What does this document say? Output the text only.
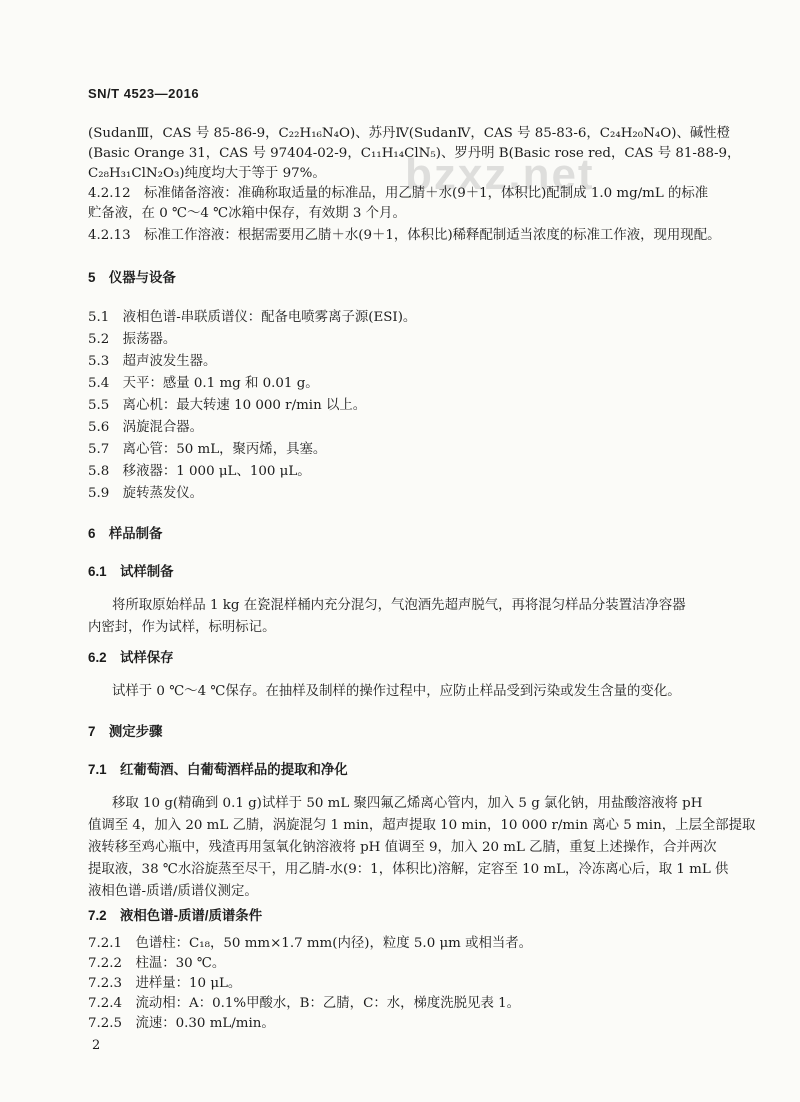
SN/T 4523—2016
bzxz.net
(SudanⅢ，CAS 号 85-86-9，C₂₂H₁₆N₄O)、苏丹Ⅳ(SudanⅣ，CAS 号 85-83-6，C₂₄H₂₀N₄O)、碱性橙
(Basic Orange 31，CAS 号 97404-02-9，C₁₁H₁₄ClN₅)、罗丹明 B(Basic rose red，CAS 号 81-88-9，
C₂₈H₃₁ClN₂O₃)纯度均大于等于 97%。
4.2.12　标准储备溶液：准确称取适量的标准品，用乙腈＋水(9＋1，体积比)配制成 1.0 mg/mL 的标准
贮备液，在 0 ℃～4 ℃冰箱中保存，有效期 3 个月。
4.2.13　标准工作溶液：根据需要用乙腈＋水(9＋1，体积比)稀释配制适当浓度的标准工作液，现用现配。
5　仪器与设备
5.1　液相色谱-串联质谱仪：配备电喷雾离子源(ESI)。
5.2　振荡器。
5.3　超声波发生器。
5.4　天平：感量 0.1 mg 和 0.01 g。
5.5　离心机：最大转速 10 000 r/min 以上。
5.6　涡旋混合器。
5.7　离心管：50 mL，聚丙烯，具塞。
5.8　移液器：1 000 μL、100 μL。
5.9　旋转蒸发仪。
6　样品制备
6.1　试样制备
将所取原始样品 1 kg 在瓷混样桶内充分混匀，气泡酒先超声脱气，再将混匀样品分装置洁净容器
内密封，作为试样，标明标记。
6.2　试样保存
试样于 0 ℃～4 ℃保存。在抽样及制样的操作过程中，应防止样品受到污染或发生含量的变化。
7　测定步骤
7.1　红葡萄酒、白葡萄酒样品的提取和净化
移取 10 g(精确到 0.1 g)试样于 50 mL 聚四氟乙烯离心管内，加入 5 g 氯化钠，用盐酸溶液将 pH
值调至 4，加入 20 mL 乙腈，涡旋混匀 1 min，超声提取 10 min，10 000 r/min 离心 5 min，上层全部提取
液转移至鸡心瓶中，残渣再用氢氧化钠溶液将 pH 值调至 9，加入 20 mL 乙腈，重复上述操作，合并两次
提取液，38 ℃水浴旋蒸至尽干，用乙腈-水(9：1，体积比)溶解，定容至 10 mL，冷冻离心后，取 1 mL 供
液相色谱-质谱/质谱仪测定。
7.2　液相色谱-质谱/质谱条件
7.2.1　色谱柱：C₁₈，50 mm×1.7 mm(内径)，粒度 5.0 μm 或相当者。
7.2.2　柱温：30 ℃。
7.2.3　进样量：10 μL。
7.2.4　流动相：A：0.1%甲酸水，B：乙腈，C：水，梯度洗脱见表 1。
7.2.5　流速：0.30 mL/min。
2
